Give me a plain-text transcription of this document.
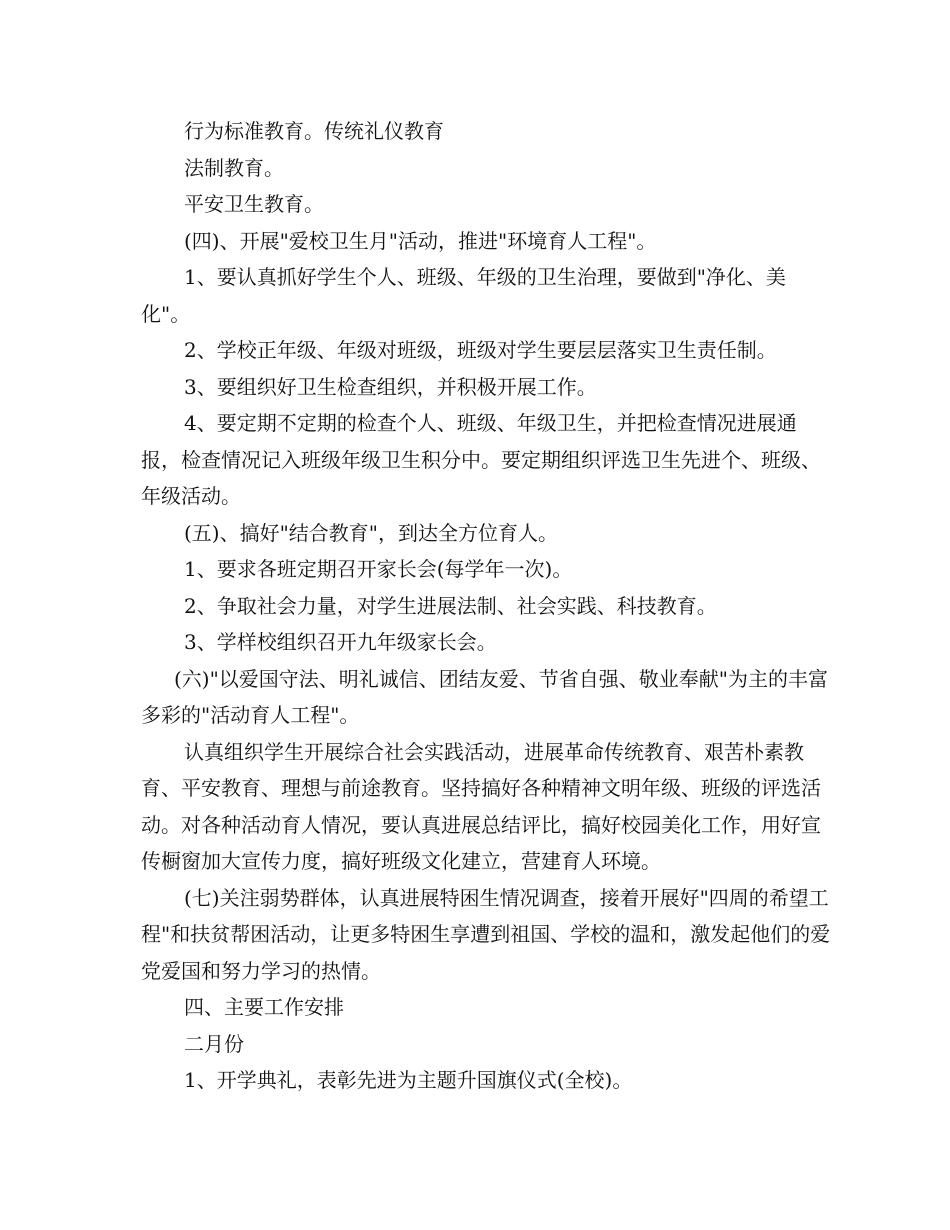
行为标准教育。传统礼仪教育

法制教育。

平安卫生教育。

(四)、开展"爱校卫生月"活动，推进"环境育人工程"。

1、要认真抓好学生个人、班级、年级的卫生治理，要做到"净化、美化"。

2、学校正年级、年级对班级，班级对学生要层层落实卫生责任制。

3、要组织好卫生检查组织，并积极开展工作。

4、要定期不定期的检查个人、班级、年级卫生，并把检查情况进展通报，检查情况记入班级年级卫生积分中。要定期组织评选卫生先进个、班级、年级活动。

(五)、搞好"结合教育"，到达全方位育人。

1、要求各班定期召开家长会(每学年一次)。

2、争取社会力量，对学生进展法制、社会实践、科技教育。

3、学样校组织召开九年级家长会。

(六)"以爱国守法、明礼诚信、团结友爱、节省自强、敬业奉献"为主的丰富多彩的"活动育人工程"。

认真组织学生开展综合社会实践活动，进展革命传统教育、艰苦朴素教育、平安教育、理想与前途教育。坚持搞好各种精神文明年级、班级的评选活动。对各种活动育人情况，要认真进展总结评比，搞好校园美化工作，用好宣传橱窗加大宣传力度，搞好班级文化建立，营建育人环境。

(七)关注弱势群体，认真进展特困生情况调查，接着开展好"四周的希望工程"和扶贫帮困活动，让更多特困生享遭到祖国、学校的温和，激发起他们的爱党爱国和努力学习的热情。

四、主要工作安排

二月份

1、开学典礼，表彰先进为主题升国旗仪式(全校)。
